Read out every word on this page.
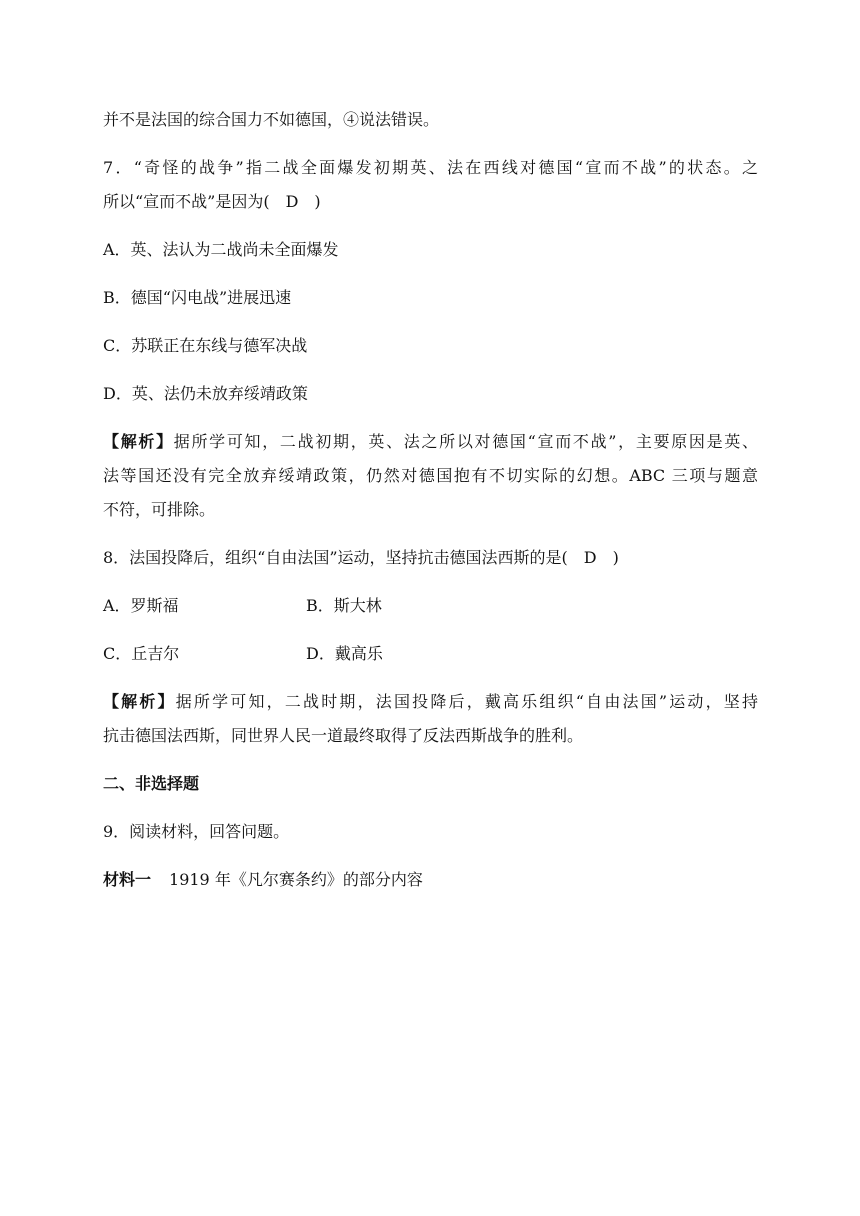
并不是法国的综合国力不如德国，④说法错误。
7．“奇怪的战争”指二战全面爆发初期英、法在西线对德国“宣而不战”的状态。之
所以“宣而不战”是因为(　D　)
A．英、法认为二战尚未全面爆发
B．德国“闪电战”进展迅速
C．苏联正在东线与德军决战
D．英、法仍未放弃绥靖政策
【解析】据所学可知，二战初期，英、法之所以对德国“宣而不战”，主要原因是英、
法等国还没有完全放弃绥靖政策，仍然对德国抱有不切实际的幻想。ABC 三项与题意
不符，可排除。
8．法国投降后，组织“自由法国”运动，坚持抗击德国法西斯的是(　D　)
A．罗斯福	B．斯大林
C．丘吉尔	D．戴高乐
【解析】据所学可知，二战时期，法国投降后，戴高乐组织“自由法国”运动，坚持
抗击德国法西斯，同世界人民一道最终取得了反法西斯战争的胜利。
二、非选择题
9．阅读材料，回答问题。
材料一 1919 年《凡尔赛条约》的部分内容
